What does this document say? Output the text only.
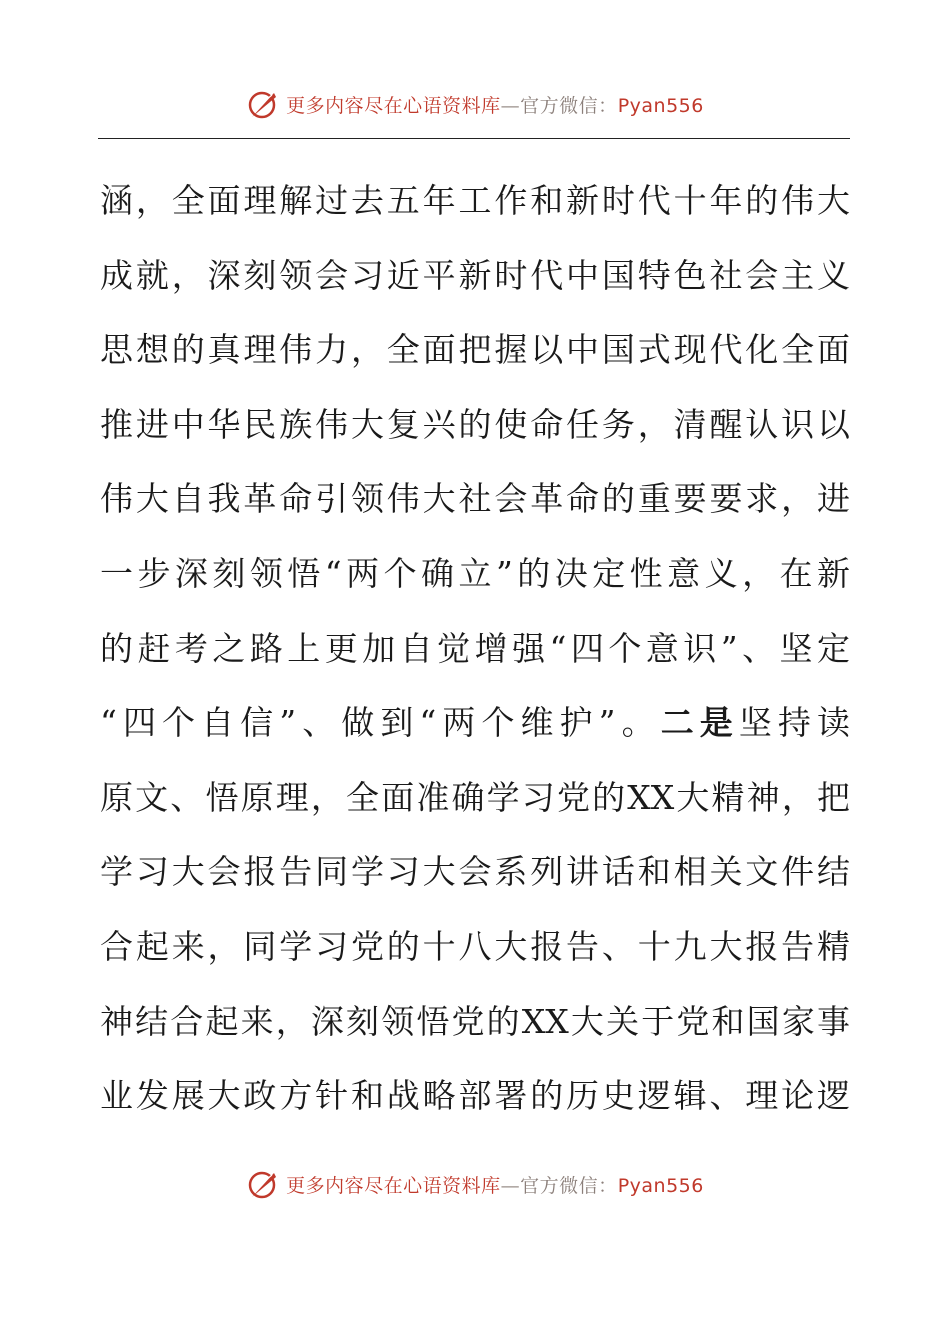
更多内容尽在心语资料库—官方微信：Pyan556
涵，全面理解过去五年工作和新时代十年的伟大
成就，深刻领会习近平新时代中国特色社会主义
思想的真理伟力，全面把握以中国式现代化全面
推进中华民族伟大复兴的使命任务，清醒认识以
伟大自我革命引领伟大社会革命的重要要求，进
一步深刻领悟“两个确立”的决定性意义，在新
的赶考之路上更加自觉增强“四个意识”、坚定
“四个自信”、做到“两个维护”。二是坚持读
原文、悟原理，全面准确学习党的XX大精神，把
学习大会报告同学习大会系列讲话和相关文件结
合起来，同学习党的十八大报告、十九大报告精
神结合起来，深刻领悟党的XX大关于党和国家事
业发展大政方针和战略部署的历史逻辑、理论逻
更多内容尽在心语资料库—官方微信：Pyan556
